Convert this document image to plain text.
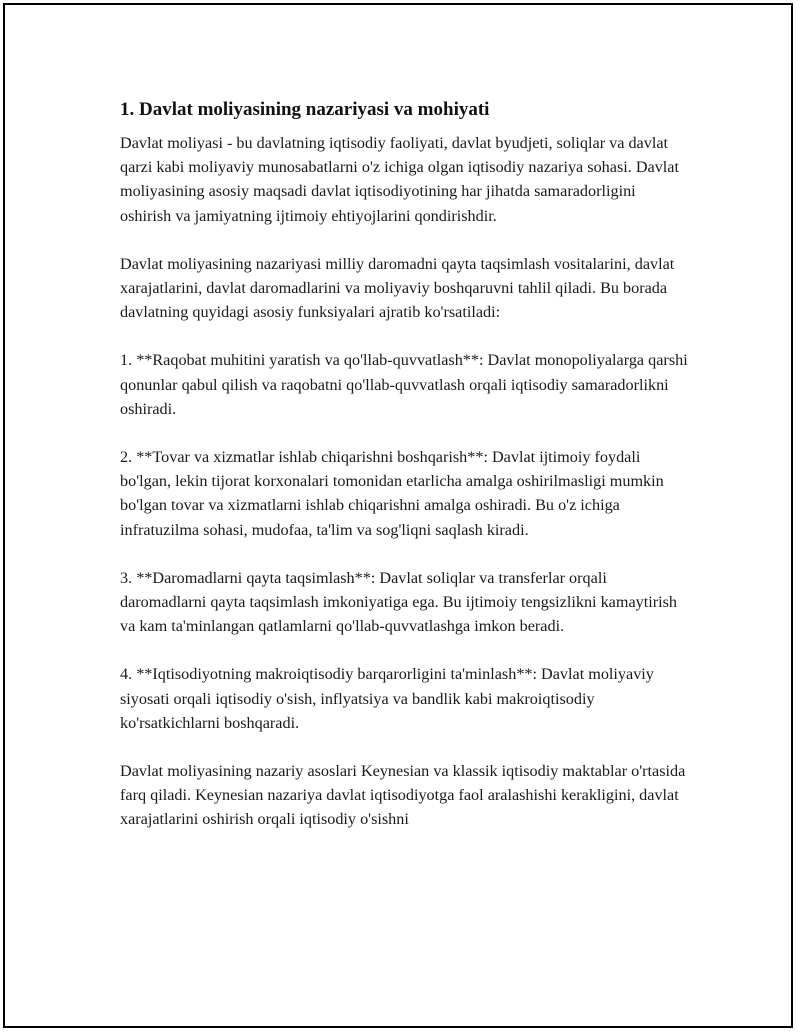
1. Davlat moliyasining nazariyasi va mohiyati

Davlat moliyasi - bu davlatning iqtisodiy faoliyati, davlat byudjeti, soliqlar va davlat qarzi kabi moliyaviy munosabatlarni o'z ichiga olgan iqtisodiy nazariya sohasi. Davlat moliyasining asosiy maqsadi davlat iqtisodiyotining har jihatda samaradorligini oshirish va jamiyatning ijtimoiy ehtiyojlarini qondirishdir.

Davlat moliyasining nazariyasi milliy daromadni qayta taqsimlash vositalarini, davlat xarajatlarini, davlat daromadlarini va moliyaviy boshqaruvni tahlil qiladi. Bu borada davlatning quyidagi asosiy funksiyalari ajratib ko'rsatiladi:

1. **Raqobat muhitini yaratish va qo'llab-quvvatlash**: Davlat monopoliyalarga qarshi qonunlar qabul qilish va raqobatni qo'llab-quvvatlash orqali iqtisodiy samaradorlikni oshiradi.

2. **Tovar va xizmatlar ishlab chiqarishni boshqarish**: Davlat ijtimoiy foydali bo'lgan, lekin tijorat korxonalari tomonidan etarlicha amalga oshirilmasligi mumkin bo'lgan tovar va xizmatlarni ishlab chiqarishni amalga oshiradi. Bu o'z ichiga infratuzilma sohasi, mudofaa, ta'lim va sog'liqni saqlash kiradi.

3. **Daromadlarni qayta taqsimlash**: Davlat soliqlar va transferlar orqali daromadlarni qayta taqsimlash imkoniyatiga ega. Bu ijtimoiy tengsizlikni kamaytirish va kam ta'minlangan qatlamlarni qo'llab-quvvatlashga imkon beradi.

4. **Iqtisodiyotning makroiqtisodiy barqarorligini ta'minlash**: Davlat moliyaviy siyosati orqali iqtisodiy o'sish, inflyatsiya va bandlik kabi makroiqtisodiy ko'rsatkichlarni boshqaradi.

Davlat moliyasining nazariy asoslari Keynesian va klassik iqtisodiy maktablar o'rtasida farq qiladi. Keynesian nazariya davlat iqtisodiyotga faol aralashishi kerakligini, davlat xarajatlarini oshirish orqali iqtisodiy o'sishni
